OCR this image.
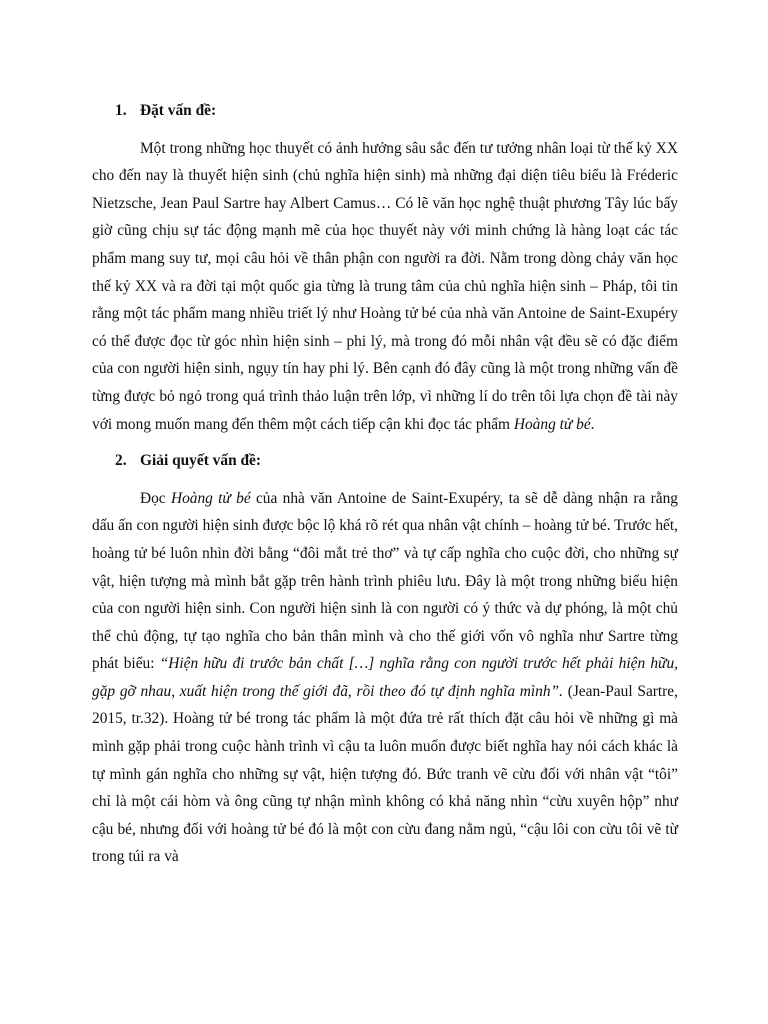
1. Đặt vấn đề:

Một trong những học thuyết có ảnh hưởng sâu sắc đến tư tưởng nhân loại từ thế kỷ XX cho đến nay là thuyết hiện sinh (chủ nghĩa hiện sinh) mà những đại diện tiêu biểu là Fréderic Nietzsche, Jean Paul Sartre hay Albert Camus… Có lẽ văn học nghệ thuật phương Tây lúc bấy giờ cũng chịu sự tác động mạnh mẽ của học thuyết này với minh chứng là hàng loạt các tác phẩm mang suy tư, mọi câu hỏi về thân phận con người ra đời. Nằm trong dòng chảy văn học thế kỷ XX và ra đời tại một quốc gia từng là trung tâm của chủ nghĩa hiện sinh – Pháp, tôi tin rằng một tác phẩm mang nhiều triết lý như Hoàng tử bé của nhà văn Antoine de Saint-Exupéry có thể được đọc từ góc nhìn hiện sinh – phi lý, mà trong đó mỗi nhân vật đều sẽ có đặc điểm của con người hiện sinh, ngụy tín hay phi lý. Bên cạnh đó đây cũng là một trong những vấn đề từng được bỏ ngỏ trong quá trình thảo luận trên lớp, vì những lí do trên tôi lựa chọn đề tài này với mong muốn mang đến thêm một cách tiếp cận khi đọc tác phẩm Hoàng tử bé.

2. Giải quyết vấn đề:

Đọc Hoàng tử bé của nhà văn Antoine de Saint-Exupéry, ta sẽ dễ dàng nhận ra rằng dấu ấn con người hiện sinh được bộc lộ khá rõ rét qua nhân vật chính – hoàng tử bé. Trước hết, hoàng tử bé luôn nhìn đời bằng “đôi mắt trẻ thơ” và tự cấp nghĩa cho cuộc đời, cho những sự vật, hiện tượng mà mình bắt gặp trên hành trình phiêu lưu. Đây là một trong những biểu hiện của con người hiện sinh. Con người hiện sinh là con người có ý thức và dự phóng, là một chủ thể chủ động, tự tạo nghĩa cho bản thân mình và cho thế giới vốn vô nghĩa như Sartre từng phát biểu: “Hiện hữu đi trước bản chất […] nghĩa rằng con người trước hết phải hiện hữu, gặp gỡ nhau, xuất hiện trong thế giới đã, rồi theo đó tự định nghĩa mình”. (Jean-Paul Sartre, 2015, tr.32). Hoàng tử bé trong tác phẩm là một đứa trẻ rất thích đặt câu hỏi về những gì mà mình gặp phải trong cuộc hành trình vì cậu ta luôn muốn được biết nghĩa hay nói cách khác là tự mình gán nghĩa cho những sự vật, hiện tượng đó. Bức tranh vẽ cừu đối với nhân vật “tôi” chỉ là một cái hòm và ông cũng tự nhận mình không có khả năng nhìn “cừu xuyên hộp” như cậu bé, nhưng đối với hoàng tử bé đó là một con cừu đang nằm ngủ, “cậu lôi con cừu tôi vẽ từ trong túi ra và
